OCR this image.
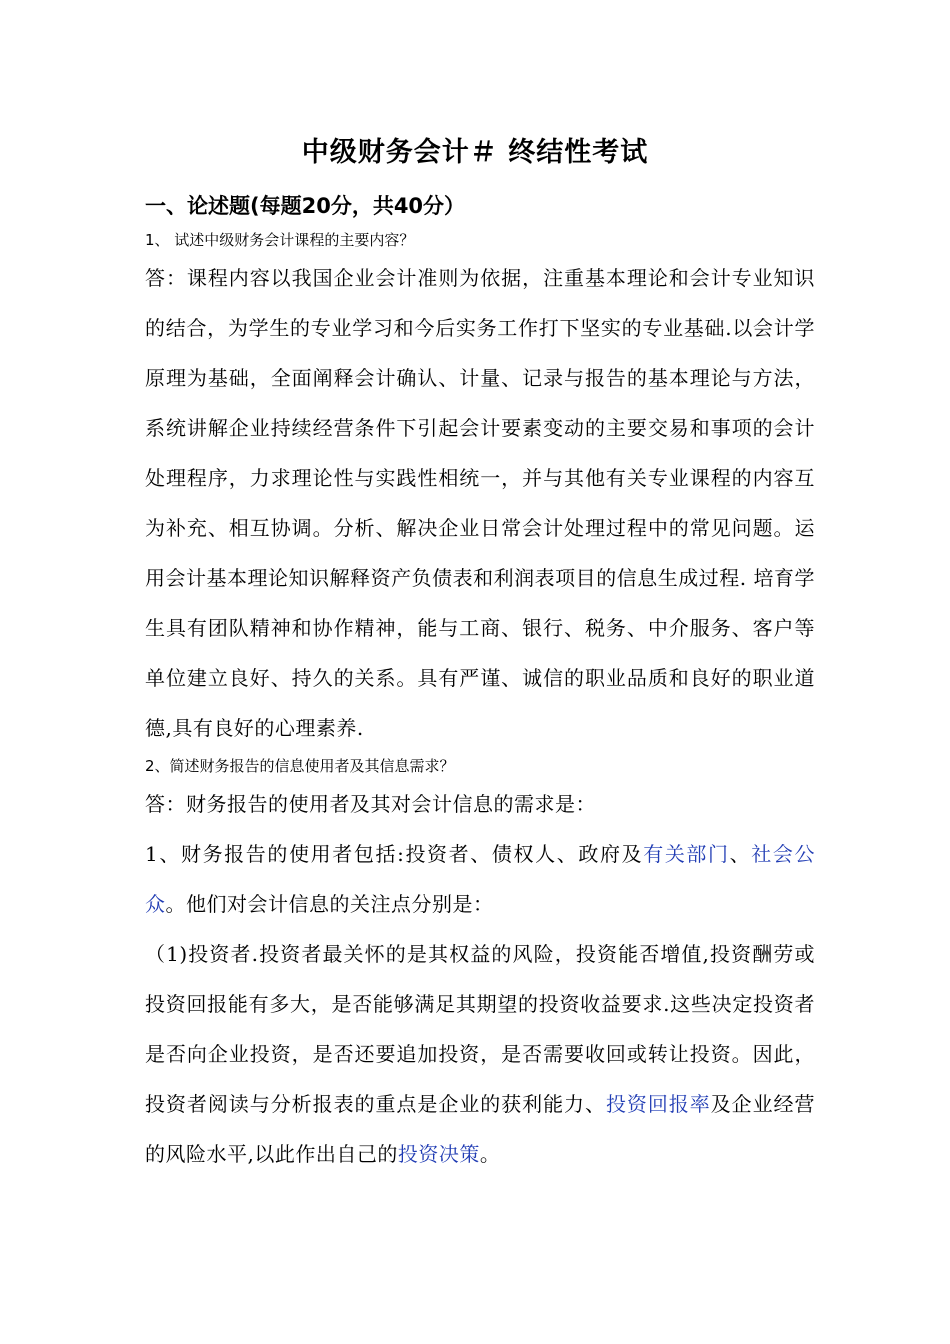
中级财务会计＃ 终结性考试
一、论述题(每题20分，共40分）

1、 试述中级财务会计课程的主要内容？

答：课程内容以我国企业会计准则为依据，注重基本理论和会计专业知识的结合，为学生的专业学习和今后实务工作打下坚实的专业基础.以会计学原理为基础，全面阐释会计确认、计量、记录与报告的基本理论与方法，系统讲解企业持续经营条件下引起会计要素变动的主要交易和事项的会计处理程序，力求理论性与实践性相统一，并与其他有关专业课程的内容互为补充、相互协调。分析、解决企业日常会计处理过程中的常见问题。运用会计基本理论知识解释资产负债表和利润表项目的信息生成过程. 培育学生具有团队精神和协作精神，能与工商、银行、税务、中介服务、客户等单位建立良好、持久的关系。具有严谨、诚信的职业品质和良好的职业道德,具有良好的心理素养.

2、简述财务报告的信息使用者及其信息需求？

答：财务报告的使用者及其对会计信息的需求是：

1、财务报告的使用者包括:投资者、债权人、政府及有关部门、社会公众。他们对会计信息的关注点分别是：

（1)投资者.投资者最关怀的是其权益的风险，投资能否增值,投资酬劳或投资回报能有多大，是否能够满足其期望的投资收益要求.这些决定投资者是否向企业投资，是否还要追加投资，是否需要收回或转让投资。因此，投资者阅读与分析报表的重点是企业的获利能力、投资回报率及企业经营的风险水平,以此作出自己的投资决策。
